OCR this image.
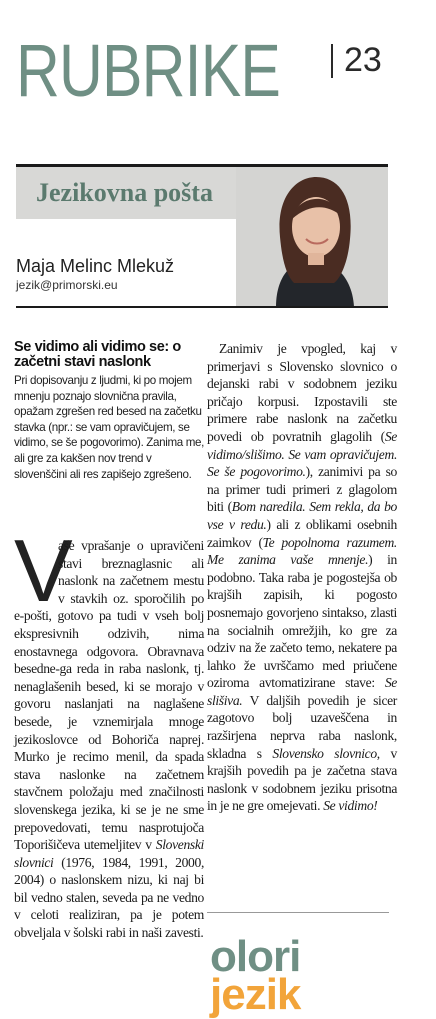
RUBRIKE 23
Jezikovna pošta
Maja Melinc Mlekuž
jezik@primorski.eu
Se vidimo ali vidimo se: o začetni stavi naslonk
Pri dopisovanju z ljudmi, ki po mojem mnenju poznajo slovnična pravila, opažam zgrešen red besed na začetku stavka (npr.: se vam opravičujem, se vidimo, se še pogovorimo). Zanima me, ali gre za kakšen nov trend v slovenščini ali res zapišejo zgrešeno.

V
aše vprašanje o upravičeni stavi breznaglasnic ali naslonk na začetnem mestu v stavkih oz. sporočilih po e-pošti, gotovo pa tudi v vseh bolj ekspresivnih odzivih, nima enostavnega odgovora. Obravnava besedne-ga reda in raba naslonk, tj. nenaglašenih besed, ki se morajo v govoru naslanjati na naglašene besede, je vznemirjala mnoge jezikoslovce od Bohoriča naprej. Murko je recimo menil, da spada stava naslonke na začetnem stavčnem položaju med značilnosti slovenskega jezika, ki se je ne sme prepovedovati, temu nasprotujoča Toporišičeva utemeljitev v Slovenski slovnici (1976, 1984, 1991, 2000, 2004) o naslonskem nizu, ki naj bi bil vedno stalen, seveda pa ne vedno v celoti realiziran, pa je potem obveljala v šolski rabi in naši zavesti.

Zanimiv je vpogled, kaj v primerjavi s Slovensko slovnico o dejanski rabi v sodobnem jeziku pričajo korpusi. Izpostavili ste primere rabe naslonk na začetku povedi ob povratnih glagolih (Se vidimo/slišimo. Se vam opravičujem. Se še pogovorimo.), zanimivi pa so na primer tudi primeri z glagolom biti (Bom naredila. Sem rekla, da bo vse v redu.) ali z oblikami osebnih zaimkov (Te popolnoma razumem. Me zanima vaše mnenje.) in podobno. Taka raba je pogostejša ob krajših zapisih, ki pogosto posnemajo govorjeno sintakso, zlasti na socialnih omrežjih, ko gre za odziv na že začeto temo, nekatere pa lahko že uvrščamo med priučene oziroma avtomatizirane stave: Se slišiva. V daljših povedih je sicer zagotovo bolj uzaveščena in razširjena neprva raba naslonk, skladna s Slovensko slovnico, v krajših povedih pa je začetna stava naslonk v sodobnem jeziku prisotna in je ne gre omejevati. Se vidimo!

olori
jezik
